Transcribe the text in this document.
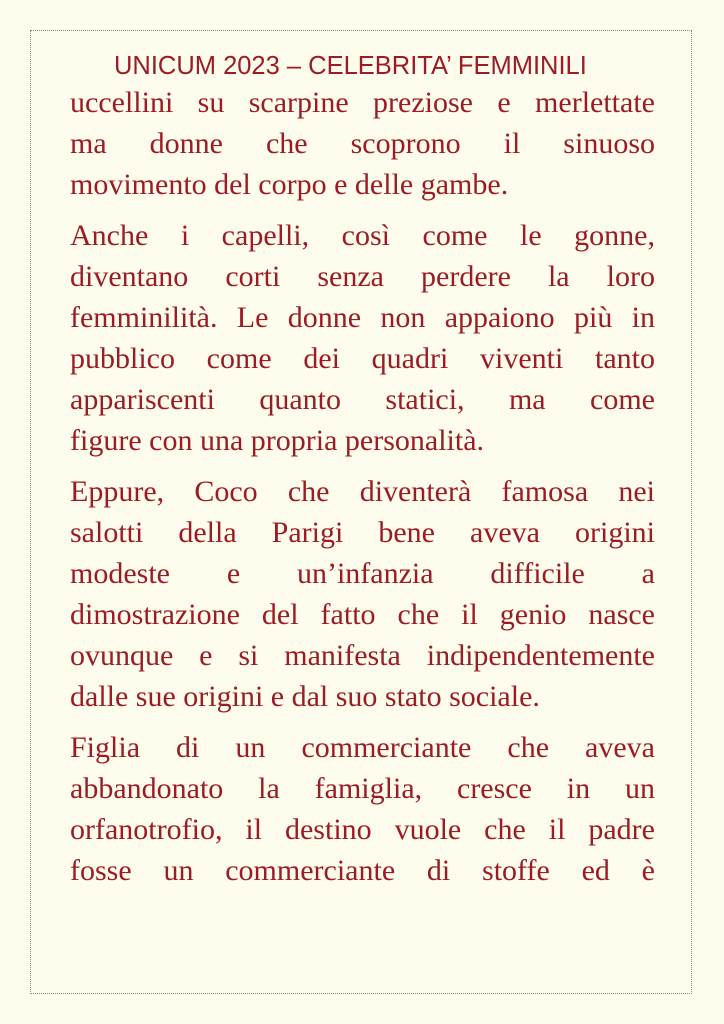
UNICUM 2023 – CELEBRITA’ FEMMINILI
uccellini su scarpine preziose e merlettate
ma donne che scoprono il sinuoso
movimento del corpo e delle gambe.
Anche i capelli, così come le gonne,
diventano corti senza perdere la loro
femminilità. Le donne non appaiono più in
pubblico come dei quadri viventi tanto
appariscenti quanto statici, ma come
figure con una propria personalità.
Eppure, Coco che diventerà famosa nei
salotti della Parigi bene aveva origini
modeste e un’infanzia difficile a
dimostrazione del fatto che il genio nasce
ovunque e si manifesta indipendentemente
dalle sue origini e dal suo stato sociale.
Figlia di un commerciante che aveva
abbandonato la famiglia, cresce in un
orfanotrofio, il destino vuole che il padre
fosse un commerciante di stoffe ed è
